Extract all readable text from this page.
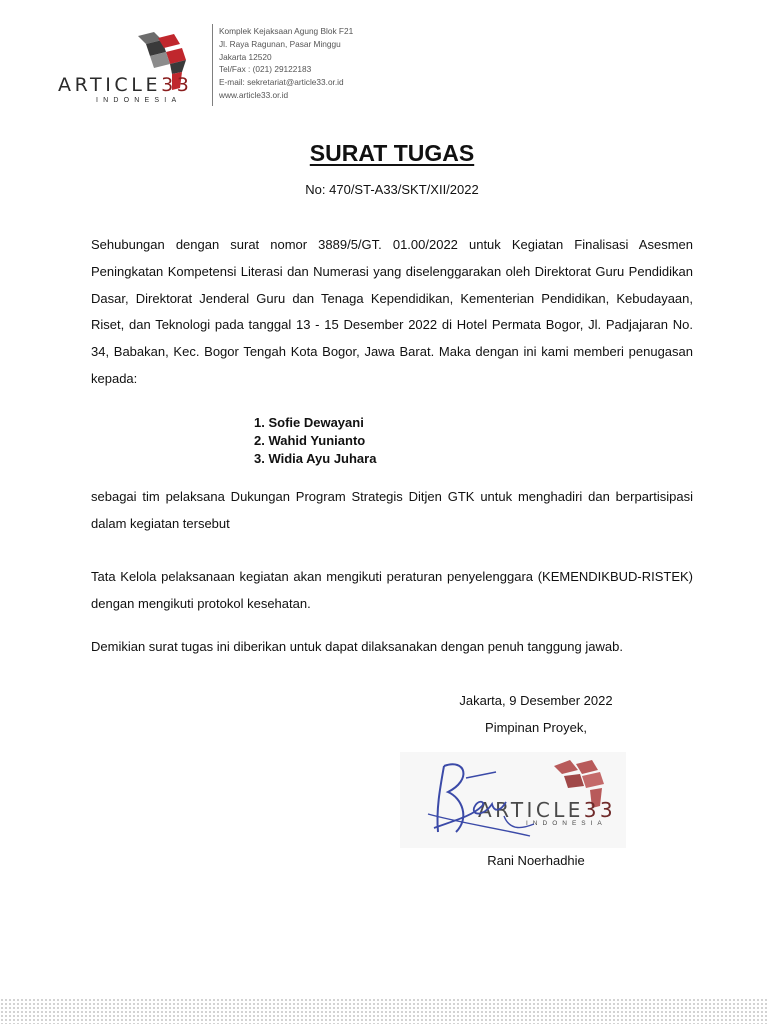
ARTICLE33
INDONESIA
Komplek Kejaksaan Agung Blok F21
Jl. Raya Ragunan, Pasar Minggu
Jakarta 12520
Tel/Fax : (021) 29122183
E-mail: sekretariat@article33.or.id
www.article33.or.id
SURAT TUGAS
No: 470/ST-A33/SKT/XII/2022

Sehubungan dengan surat nomor 3889/5/GT. 01.00/2022 untuk Kegiatan Finalisasi Asesmen Peningkatan Kompetensi Literasi dan Numerasi yang diselenggarakan oleh Direktorat Guru Pendidikan Dasar, Direktorat Jenderal Guru dan Tenaga Kependidikan, Kementerian Pendidikan, Kebudayaan, Riset, dan Teknologi pada tanggal 13 - 15 Desember 2022 di Hotel Permata Bogor, Jl. Padjajaran No. 34, Babakan, Kec. Bogor Tengah Kota Bogor, Jawa Barat. Maka dengan ini kami memberi penugasan kepada:

1. Sofie Dewayani
2. Wahid Yunianto
3. Widia Ayu Juhara

sebagai tim pelaksana Dukungan Program Strategis Ditjen GTK untuk menghadiri dan berpartisipasi dalam kegiatan tersebut

Tata Kelola pelaksanaan kegiatan akan mengikuti peraturan penyelenggara (KEMENDIKBUD-RISTEK) dengan mengikuti protokol kesehatan.

Demikian surat tugas ini diberikan untuk dapat dilaksanakan dengan penuh tanggung jawab.

Jakarta, 9 Desember 2022
Pimpinan Proyek,
ARTICLE33
INDONESIA
Rani Noerhadhie
